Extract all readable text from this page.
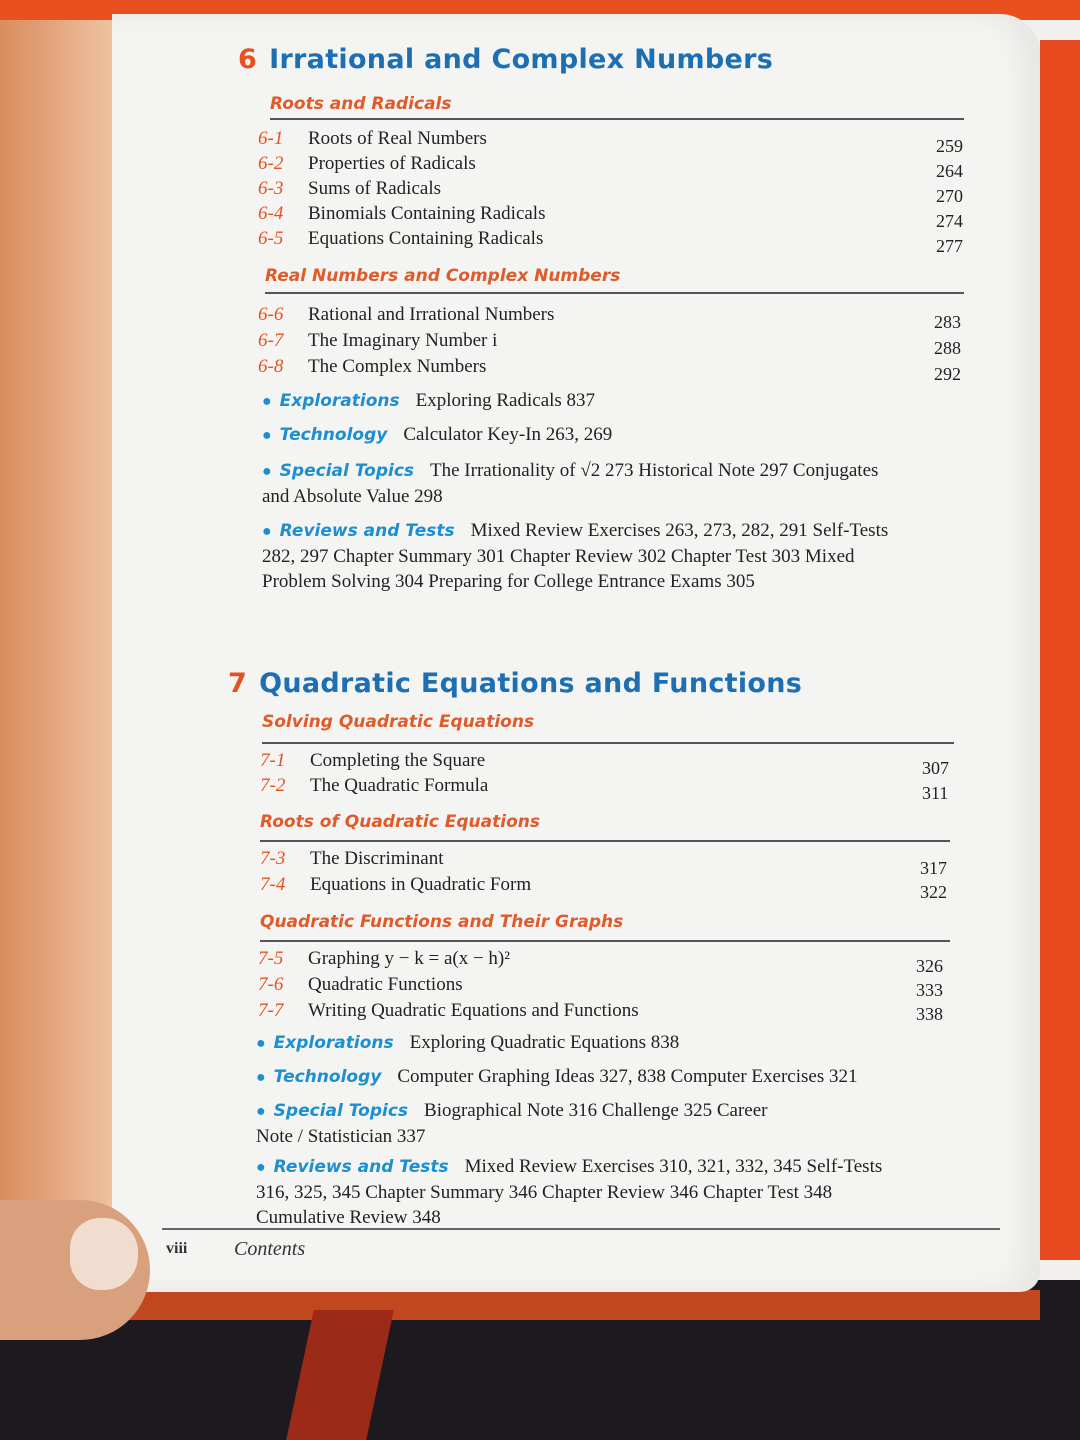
6 Irrational and Complex Numbers
Roots and Radicals
6-1 Roots of Real Numbers	259
6-2 Properties of Radicals	264
6-3 Sums of Radicals	270
6-4 Binomials Containing Radicals	274
6-5 Equations Containing Radicals	277
Real Numbers and Complex Numbers
6-6 Rational and Irrational Numbers	283
6-7 The Imaginary Number i	288
6-8 The Complex Numbers	292
● Explorations Exploring Radicals 837
● Technology Calculator Key-In 263, 269
● Special Topics The Irrationality of √2 273 Historical Note 297 Conjugates and Absolute Value 298
● Reviews and Tests Mixed Review Exercises 263, 273, 282, 291 Self-Tests 282, 297 Chapter Summary 301 Chapter Review 302 Chapter Test 303 Mixed Problem Solving 304 Preparing for College Entrance Exams 305
7 Quadratic Equations and Functions
Solving Quadratic Equations
7-1 Completing the Square	307
7-2 The Quadratic Formula	311
Roots of Quadratic Equations
7-3 The Discriminant	317
7-4 Equations in Quadratic Form	322
Quadratic Functions and Their Graphs
7-5 Graphing y − k = a(x − h)²	326
7-6 Quadratic Functions	333
7-7 Writing Quadratic Equations and Functions	338
● Explorations Exploring Quadratic Equations 838
● Technology Computer Graphing Ideas 327, 838 Computer Exercises 321
● Special Topics Biographical Note 316 Challenge 325 Career Note / Statistician 337
● Reviews and Tests Mixed Review Exercises 310, 321, 332, 345 Self-Tests 316, 325, 345 Chapter Summary 346 Chapter Review 346 Chapter Test 348 Cumulative Review 348
viii Contents
